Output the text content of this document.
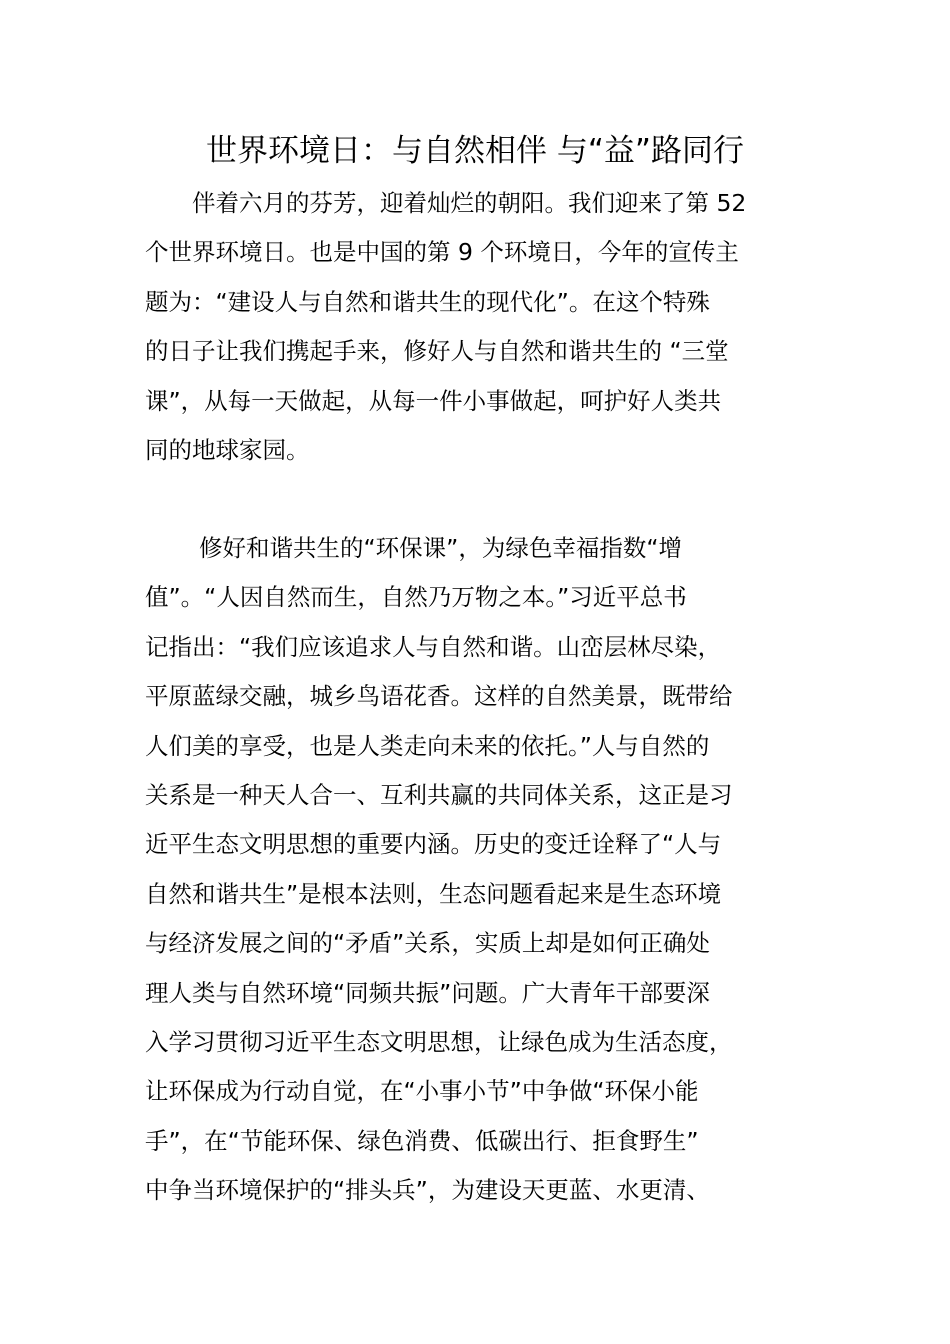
世界环境日：与自然相伴 与“益”路同行
伴着六月的芬芳，迎着灿烂的朝阳。我们迎来了第 52
个世界环境日。也是中国的第 9 个环境日，今年的宣传主
题为：“建设人与自然和谐共生的现代化”。在这个特殊
的日子让我们携起手来，修好人与自然和谐共生的 “三堂
课”，从每一天做起，从每一件小事做起，呵护好人类共
同的地球家园。
修好和谐共生的“环保课”，为绿色幸福指数“增
值”。“人因自然而生，自然乃万物之本。”习近平总书
记指出：“我们应该追求人与自然和谐。山峦层林尽染，
平原蓝绿交融，城乡鸟语花香。这样的自然美景，既带给
人们美的享受，也是人类走向未来的依托。”人与自然的
关系是一种天人合一、互利共赢的共同体关系，这正是习
近平生态文明思想的重要内涵。历史的变迁诠释了“人与
自然和谐共生”是根本法则，生态问题看起来是生态环境
与经济发展之间的“矛盾”关系，实质上却是如何正确处
理人类与自然环境“同频共振”问题。广大青年干部要深
入学习贯彻习近平生态文明思想，让绿色成为生活态度，
让环保成为行动自觉，在“小事小节”中争做“环保小能
手”，在“节能环保、绿色消费、低碳出行、拒食野生”
中争当环境保护的“排头兵”，为建设天更蓝、水更清、
